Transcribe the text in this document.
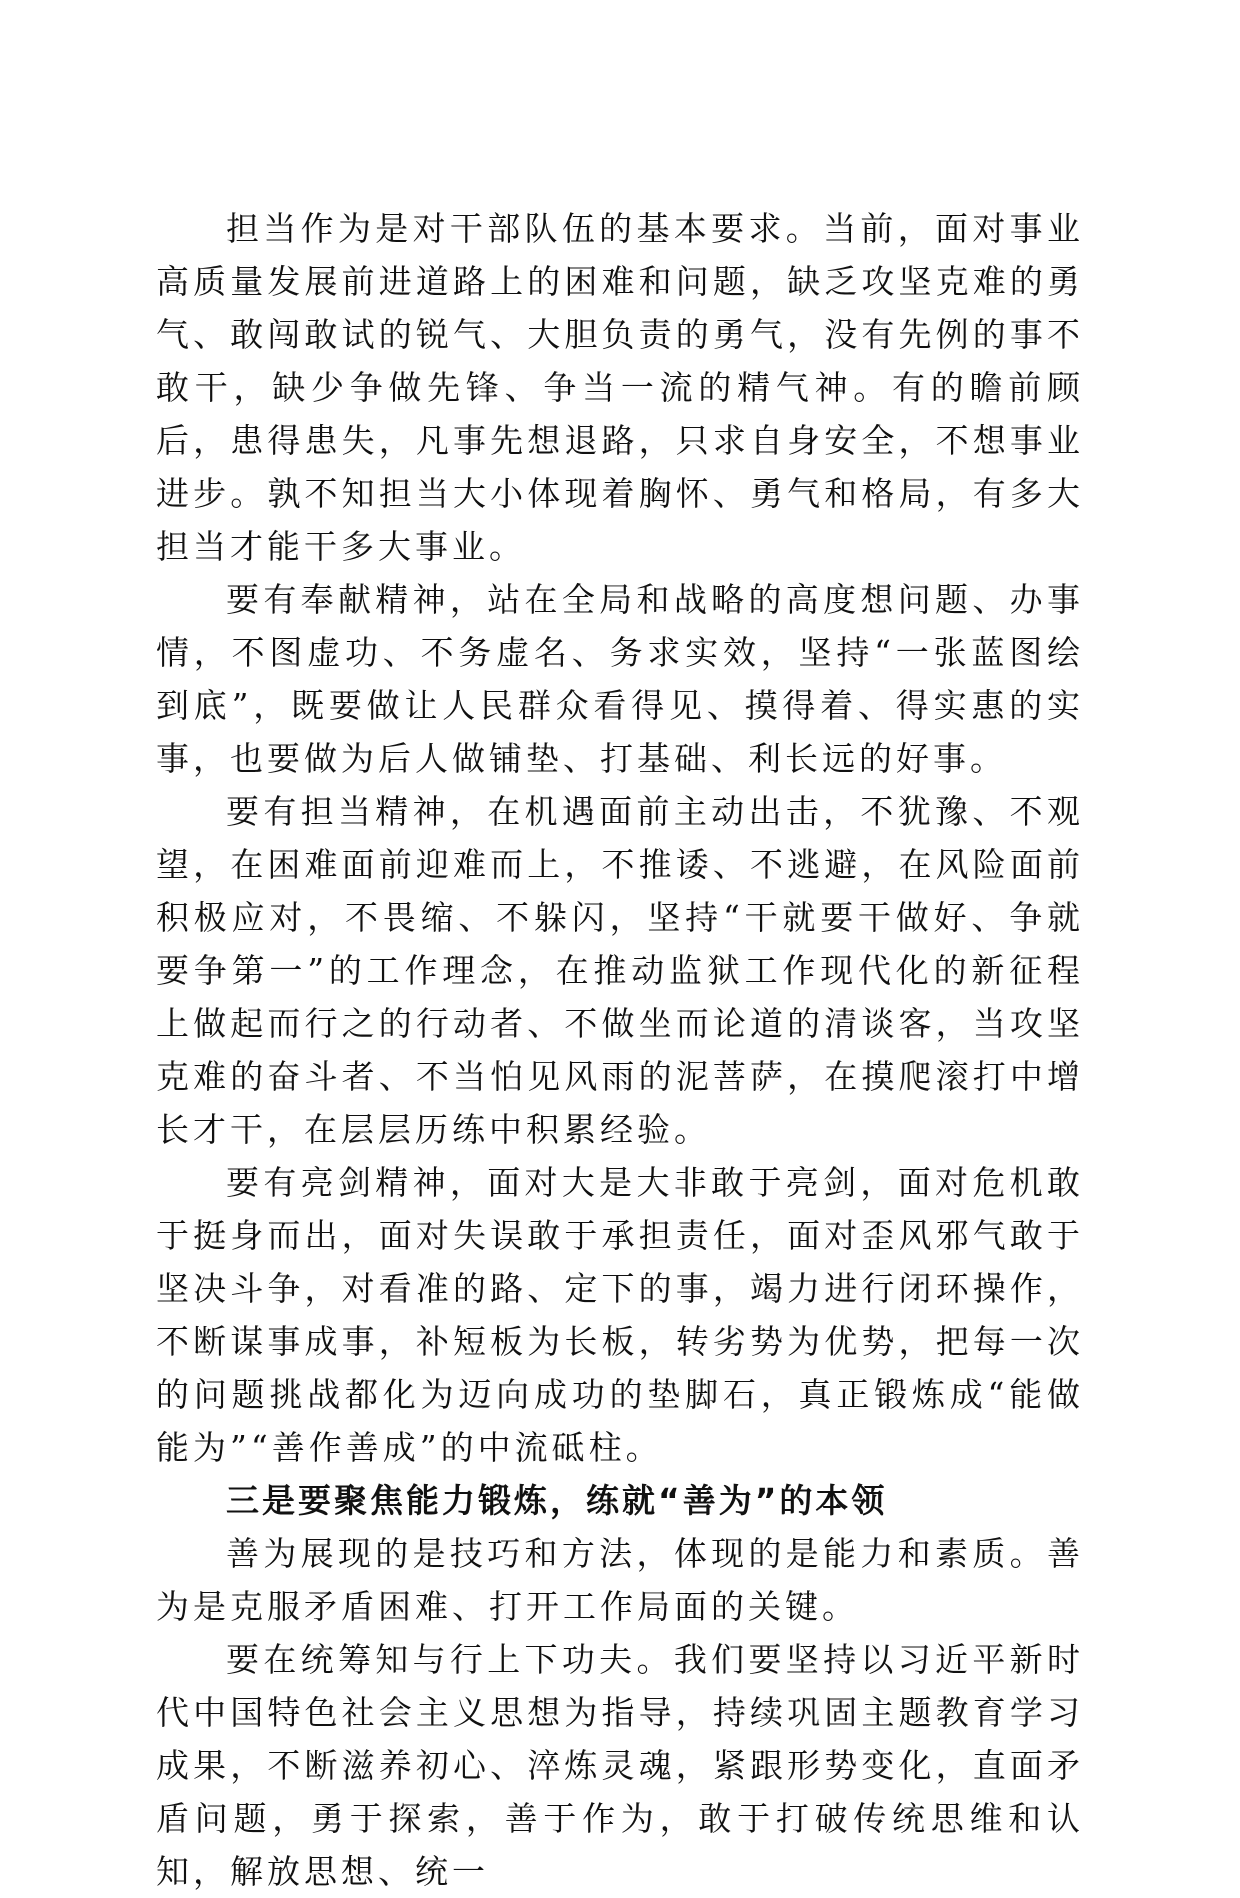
担当作为是对干部队伍的基本要求。当前，面对事业高质量发展前进道路上的困难和问题，缺乏攻坚克难的勇气、敢闯敢试的锐气、大胆负责的勇气，没有先例的事不敢干，缺少争做先锋、争当一流的精气神。有的瞻前顾后，患得患失，凡事先想退路，只求自身安全，不想事业进步。孰不知担当大小体现着胸怀、勇气和格局，有多大担当才能干多大事业。

要有奉献精神，站在全局和战略的高度想问题、办事情，不图虚功、不务虚名、务求实效，坚持“一张蓝图绘到底”，既要做让人民群众看得见、摸得着、得实惠的实事，也要做为后人做铺垫、打基础、利长远的好事。

要有担当精神，在机遇面前主动出击，不犹豫、不观望，在困难面前迎难而上，不推诿、不逃避，在风险面前积极应对，不畏缩、不躲闪，坚持“干就要干做好、争就要争第一”的工作理念，在推动监狱工作现代化的新征程上做起而行之的行动者、不做坐而论道的清谈客，当攻坚克难的奋斗者、不当怕见风雨的泥菩萨，在摸爬滚打中增长才干，在层层历练中积累经验。

要有亮剑精神，面对大是大非敢于亮剑，面对危机敢于挺身而出，面对失误敢于承担责任，面对歪风邪气敢于坚决斗争，对看准的路、定下的事，竭力进行闭环操作，不断谋事成事，补短板为长板，转劣势为优势，把每一次的问题挑战都化为迈向成功的垫脚石，真正锻炼成“能做能为”“善作善成”的中流砥柱。

三是要聚焦能力锻炼，练就“善为”的本领

善为展现的是技巧和方法，体现的是能力和素质。善为是克服矛盾困难、打开工作局面的关键。

要在统筹知与行上下功夫。我们要坚持以习近平新时代中国特色社会主义思想为指导，持续巩固主题教育学习成果，不断滋养初心、淬炼灵魂，紧跟形势变化，直面矛盾问题，勇于探索，善于作为，敢于打破传统思维和认知，解放思想、统一
